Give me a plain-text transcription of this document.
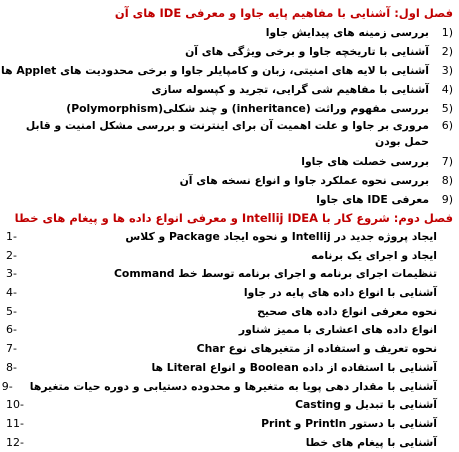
فصل اول: آشنایی با مفاهیم پایه جاوا و معرفی IDE های آن
1)
بررسی زمینه های پیدایش جاوا
2)
آشنایی با تاریخچه جاوا و برخی ویژگی های آن
3)
آشنایی با لایه های امنیتی، زبان و کامپایلر جاوا و برخی محدودیت های Applet ها
4)
آشنایی با مفاهیم شی گرایی، تجرید و کپسوله سازی
5)
بررسی مفهوم وراثت (inheritance) و چند شکلی(Polymorphism)
6)
مروری بر جاوا و علت اهمیت آن برای اینترنت و بررسی مشکل امنیت و قابل حمل بودن
7)
بررسی خصلت های جاوا
8)
بررسی نحوه عملکرد جاوا و انواع نسخه های آن
9)
معرفی IDE های جاوا
فصل دوم: شروع کار با Intellij IDEA و معرفی انواع داده ها و پیغام های خطا
ایجاد پروژه جدید در Intellij و نحوه ایجاد Package و کلاس
1-
ایجاد و اجرای یک برنامه
2-
تنظیمات اجرای برنامه و اجرای برنامه توسط خط Command
3-
آشنایی با انواع داده های پایه در جاوا
4-
نحوه معرفی انواع داده های صحیح
5-
انواع داده های اعشاری با ممیز شناور
6-
نحوه تعریف و استفاده از متغیرهای نوع Char
7-
آشنایی با استفاده از داده Boolean و انواع Literal ها
8-
آشنایی با مقدار دهی پویا به متغیرها و محدوده دستیابی و دوره حیات متغیرها
9-
آشنایی با تبدیل و Casting
10-
آشنایی با دستور Println و Print
11-
آشنایی با پیغام های خطا
12-
